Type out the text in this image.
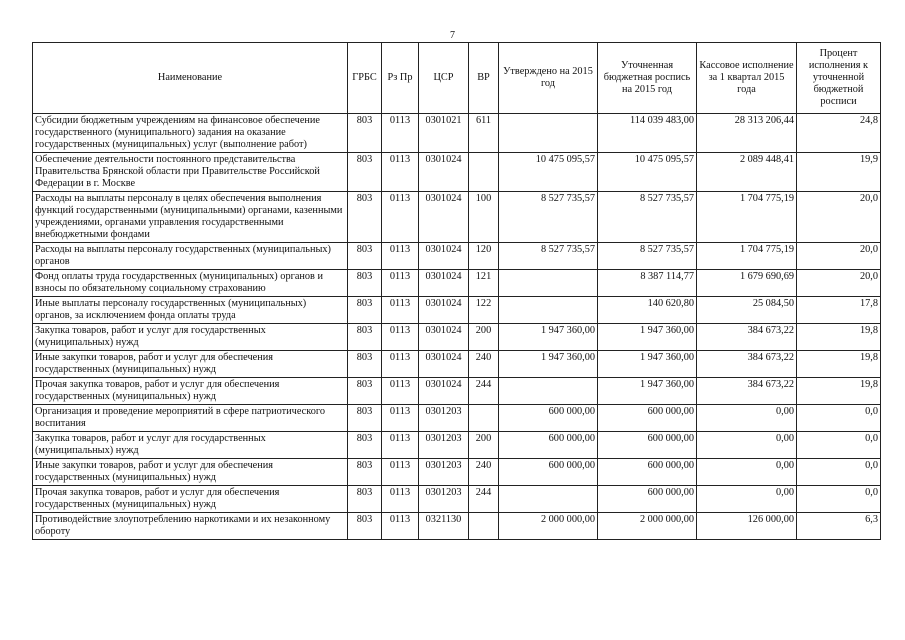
7
Наименование	ГРБС	Рз Пр	ЦСР	ВР	Утверждено на 2015 год	Уточненная бюджетная роспись на 2015 год	Кассовое исполнение за 1 квартал 2015 года	Процент исполнения к уточненной бюджетной росписи
Субсидии бюджетным учреждениям на финансовое обеспечение государственного (муниципального) задания на оказание государственных (муниципальных) услуг (выполнение работ)	803	0113	0301021	611		114 039 483,00	28 313 206,44	24,8
Обеспечение деятельности постоянного представительства Правительства Брянской области при Правительстве Российской Федерации в г. Москве	803	0113	0301024		10 475 095,57	10 475 095,57	2 089 448,41	19,9
Расходы на выплаты персоналу в целях обеспечения выполнения функций государственными (муниципальными) органами, казенными учреждениями, органами управления государственными внебюджетными фондами	803	0113	0301024	100	8 527 735,57	8 527 735,57	1 704 775,19	20,0
Расходы на выплаты персоналу государственных (муниципальных) органов	803	0113	0301024	120	8 527 735,57	8 527 735,57	1 704 775,19	20,0
Фонд оплаты труда государственных (муниципальных) органов и взносы по обязательному социальному страхованию	803	0113	0301024	121		8 387 114,77	1 679 690,69	20,0
Иные выплаты персоналу государственных (муниципальных) органов, за исключением фонда оплаты труда	803	0113	0301024	122		140 620,80	25 084,50	17,8
Закупка товаров, работ и услуг для государственных (муниципальных) нужд	803	0113	0301024	200	1 947 360,00	1 947 360,00	384 673,22	19,8
Иные закупки товаров, работ и услуг для обеспечения государственных (муниципальных) нужд	803	0113	0301024	240	1 947 360,00	1 947 360,00	384 673,22	19,8
Прочая закупка товаров, работ и услуг для обеспечения государственных (муниципальных) нужд	803	0113	0301024	244		1 947 360,00	384 673,22	19,8
Организация и проведение мероприятий в сфере патриотического воспитания	803	0113	0301203		600 000,00	600 000,00	0,00	0,0
Закупка товаров, работ и услуг для государственных (муниципальных) нужд	803	0113	0301203	200	600 000,00	600 000,00	0,00	0,0
Иные закупки товаров, работ и услуг для обеспечения государственных (муниципальных) нужд	803	0113	0301203	240	600 000,00	600 000,00	0,00	0,0
Прочая закупка товаров, работ и услуг для обеспечения государственных (муниципальных) нужд	803	0113	0301203	244		600 000,00	0,00	0,0
Противодействие злоупотреблению наркотиками и их незаконному обороту	803	0113	0321130		2 000 000,00	2 000 000,00	126 000,00	6,3
